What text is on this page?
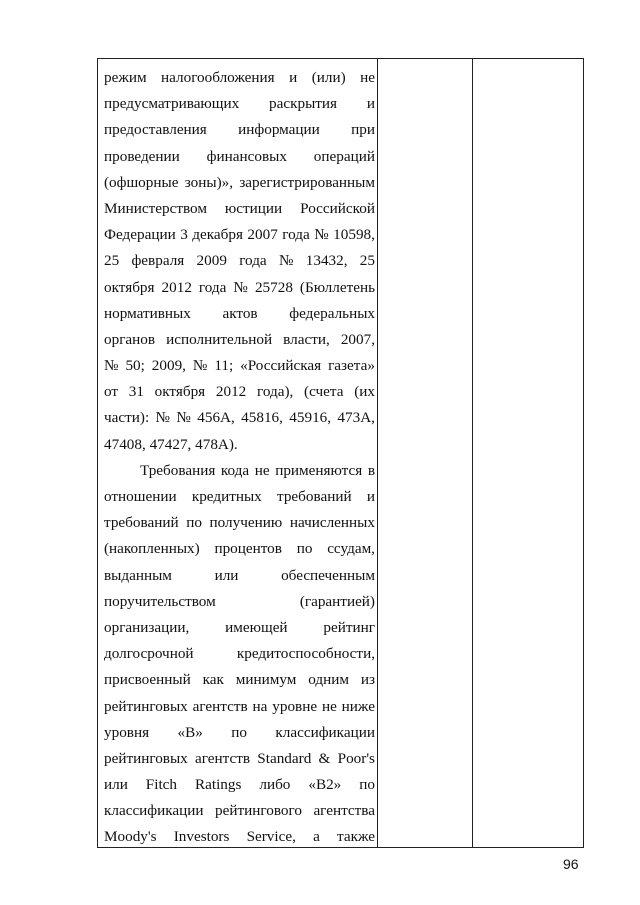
режим налогообложения и (или) не
предусматривающих раскрытия и
предоставления информации при
проведении финансовых операций
(офшорные зоны)», зарегистрированным
Министерством юстиции Российской
Федерации 3 декабря 2007 года № 10598,
25 февраля 2009 года № 13432, 25
октября 2012 года № 25728 (Бюллетень
нормативных актов федеральных
органов исполнительной власти, 2007,
№ 50; 2009, № 11; «Российская газета»
от 31 октября 2012 года), (счета (их
части): № № 456А, 45816, 45916, 473А,
47408, 47427, 478А).
Требования кода не применяются в
отношении кредитных требований и
требований по получению начисленных
(накопленных) процентов по ссудам,
выданным	или	обеспеченным
поручительством	(гарантией)
организации, имеющей рейтинг
долгосрочной	кредитоспособности,
присвоенный как минимум одним из
рейтинговых агентств на уровне не ниже
уровня «B» по классификации
рейтинговых агентств Standard & Poor's
или Fitch Ratings либо «В2» по
классификации рейтингового агентства
Moody's Investors Service, а также
96
